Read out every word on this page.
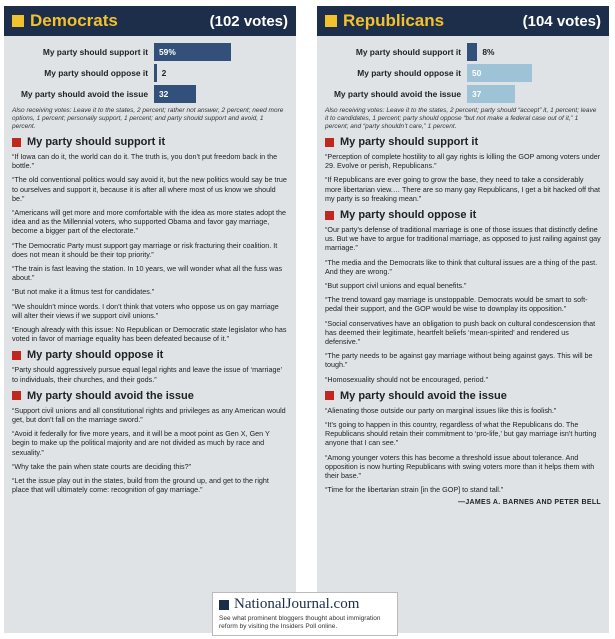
Democrats	(102 votes)
My party should support it	59%
My party should oppose it	2
My party should avoid the issue	32
Also receiving votes: Leave it to the states, 2 percent; rather not answer, 2 percent; need more options, 1 percent; personally support, 1 percent; and party should support and avoid, 1 percent.
My party should support it
“If Iowa can do it, the world can do it. The truth is, you don’t put freedom back in the bottle.”
“The old conventional politics would say avoid it, but the new politics would say be true to ourselves and support it, because it is after all where most of us know we should be.”
“Americans will get more and more comfortable with the idea as more states adopt the idea and as the Millennial voters, who supported Obama and favor gay marriage, become a bigger part of the electorate.”
“The Democratic Party must support gay marriage or risk fracturing their coalition. It does not mean it should be their top priority.”
“The train is fast leaving the station. In 10 years, we will wonder what all the fuss was about.”
“But not make it a litmus test for candidates.”
“We shouldn’t mince words. I don’t think that voters who oppose us on gay marriage will alter their views if we support civil unions.”
“Enough already with this issue: No Republican or Democratic state legislator who has voted in favor of marriage equality has been defeated because of it.”
My party should oppose it
“Party should aggressively pursue equal legal rights and leave the issue of ‘marriage’ to individuals, their churches, and their gods.”
My party should avoid the issue
“Support civil unions and all constitutional rights and privileges as any American would get, but don’t fall on the marriage sword.”
“Avoid it federally for five more years, and it will be a moot point as Gen X, Gen Y begin to make up the political majority and are not divided as much by race and sexuality.”
“Why take the pain when state courts are deciding this?”
“Let the issue play out in the states, build from the ground up, and get to the right place that will ultimately come: recognition of gay marriage.”
Republicans	(104 votes)
My party should support it	8%
My party should oppose it	50
My party should avoid the issue	37
Also receiving votes: Leave it to the states, 2 percent; party should “accept” it, 1 percent; leave it to candidates, 1 percent; party should oppose “but not make a federal case out of it,” 1 percent; and “party shouldn’t care,” 1 percent.
My party should support it
“Perception of complete hostility to all gay rights is killing the GOP among voters under 29. Evolve or perish, Republicans.”
“If Republicans are ever going to grow the base, they need to take a considerably more libertarian view.… There are so many gay Republicans, I get a bit hacked off that my party is so freaking mean.”
My party should oppose it
“Our party’s defense of traditional marriage is one of those issues that distinctly define us. But we have to argue for traditional marriage, as opposed to just railing against gay marriage.”
“The media and the Democrats like to think that cultural issues are a thing of the past. And they are wrong.”
“But support civil unions and equal benefits.”
“The trend toward gay marriage is unstoppable. Democrats would be smart to soft-pedal their support, and the GOP would be wise to downplay its opposition.”
“Social conservatives have an obligation to push back on cultural condescension that has deemed their legitimate, heartfelt beliefs ‘mean-spirited’ and rendered us defensive.”
“The party needs to be against gay marriage without being against gays. This will be tough.”
“Homosexuality should not be encouraged, period.”
My party should avoid the issue
“Alienating those outside our party on marginal issues like this is foolish.”
“It’s going to happen in this country, regardless of what the Republicans do. The Republicans should retain their commitment to ‘pro-life,’ but gay marriage isn’t hurting anyone that I can see.”
“Among younger voters this has become a threshold issue about tolerance. And opposition is now hurting Republicans with swing voters more than it helps them with their base.”
“Time for the libertarian strain [in the GOP] to stand tall.”
—JAMES A. BARNES AND PETER BELL
NationalJournal.com
See what prominent bloggers thought about immigration reform by visiting the Insiders Poll online.
